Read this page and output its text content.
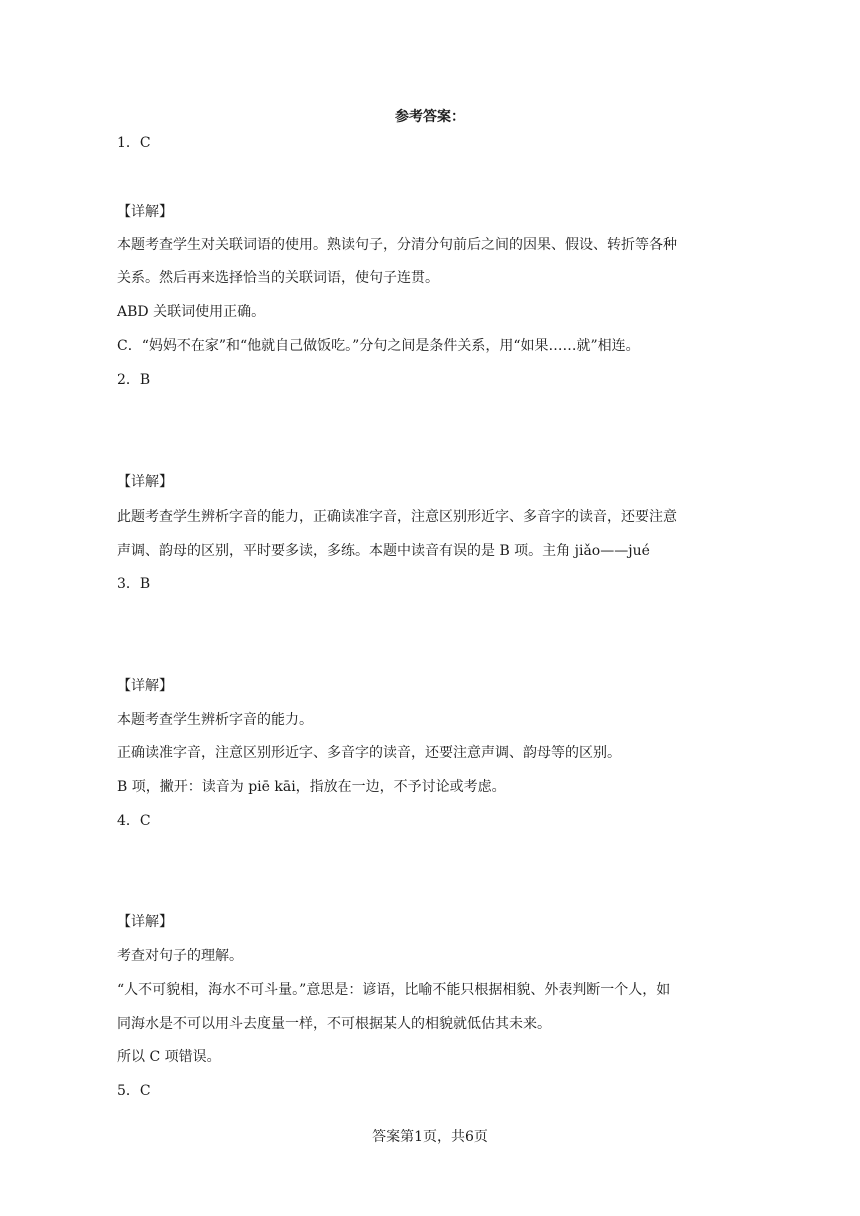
参考答案：
1．C
【详解】
本题考查学生对关联词语的使用。熟读句子，分清分句前后之间的因果、假设、转折等各种
关系。然后再来选择恰当的关联词语，使句子连贯。
ABD 关联词使用正确。
C．“妈妈不在家”和“他就自己做饭吃。”分句之间是条件关系，用“如果……就”相连。
2．B
【详解】
此题考查学生辨析字音的能力，正确读准字音，注意区别形近字、多音字的读音，还要注意
声调、韵母的区别，平时要多读，多练。本题中读音有误的是 B 项。主角 jiǎo——jué
3．B
【详解】
本题考查学生辨析字音的能力。
正确读准字音，注意区别形近字、多音字的读音，还要注意声调、韵母等的区别。
B 项，撇开：读音为 piē kāi，指放在一边，不予讨论或考虑。
4．C
【详解】
考查对句子的理解。
“人不可貌相，海水不可斗量。”意思是：谚语，比喻不能只根据相貌、外表判断一个人，如
同海水是不可以用斗去度量一样，不可根据某人的相貌就低估其未来。
所以 C 项错误。
5．C
答案第1页，共6页
